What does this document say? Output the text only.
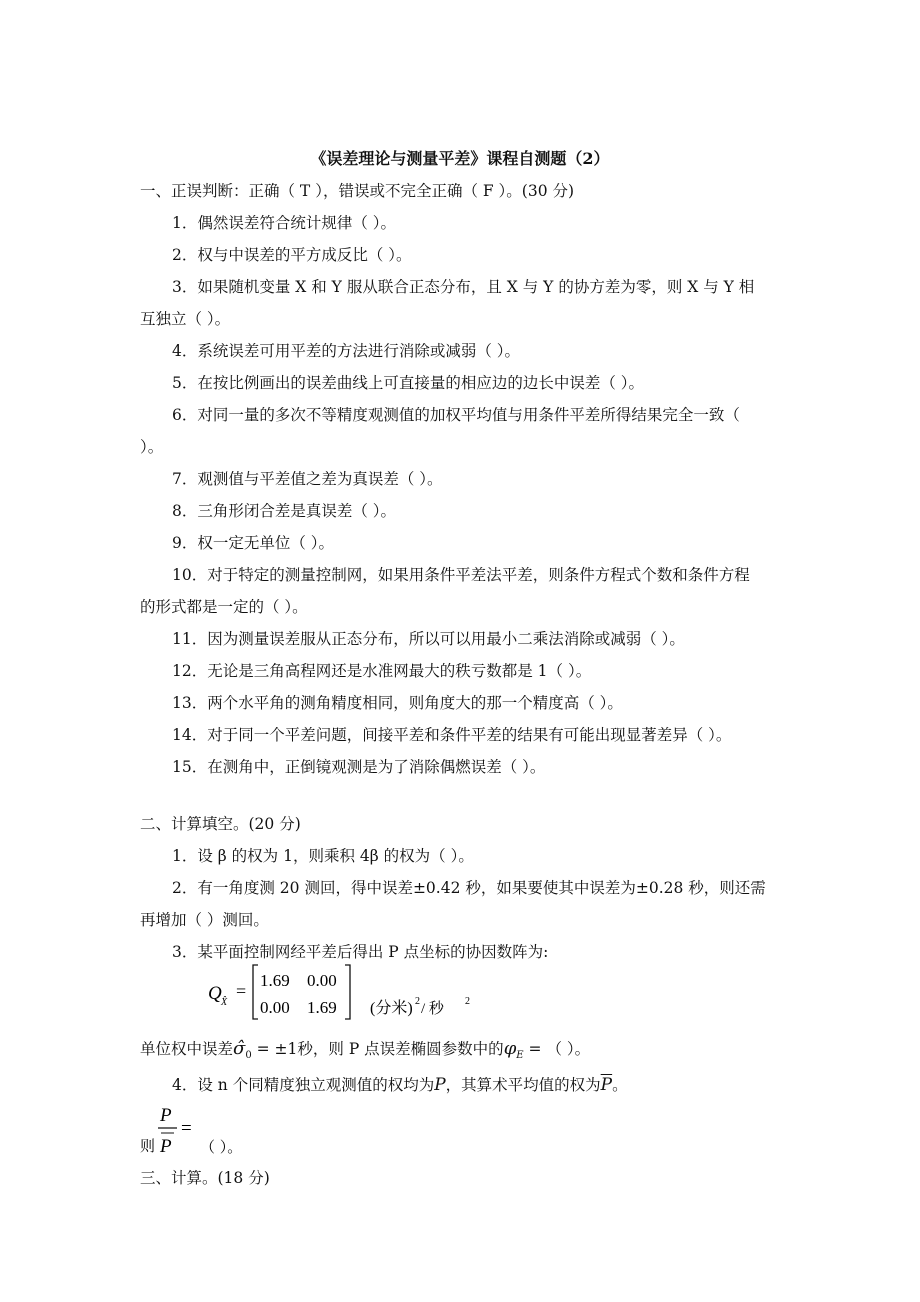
《误差理论与测量平差》课程自测题（2）
一、正误判断：正确（ T ），错误或不完全正确（ F ）。(30 分)
1．偶然误差符合统计规律（ ）。
2．权与中误差的平方成反比（ ）。
3．如果随机变量 X 和 Y 服从联合正态分布，且 X 与 Y 的协方差为零，则 X 与 Y 相
互独立（ ）。
4．系统误差可用平差的方法进行消除或减弱（ ）。
5．在按比例画出的误差曲线上可直接量的相应边的边长中误差（ ）。
6．对同一量的多次不等精度观测值的加权平均值与用条件平差所得结果完全一致（
）。
7．观测值与平差值之差为真误差（ ）。
8．三角形闭合差是真误差（ ）。
9．权一定无单位（ ）。
10．对于特定的测量控制网，如果用条件平差法平差，则条件方程式个数和条件方程
的形式都是一定的（ ）。
11．因为测量误差服从正态分布，所以可以用最小二乘法消除或减弱（ ）。
12．无论是三角高程网还是水准网最大的秩亏数都是 1（ ）。
13．两个水平角的测角精度相同，则角度大的那一个精度高（ ）。
14．对于同一个平差问题，间接平差和条件平差的结果有可能出现显著差异（ ）。
15．在测角中，正倒镜观测是为了消除偶燃误差（ ）。
二、计算填空。(20 分)
1．设 β 的权为 1，则乘积 4β 的权为（ ）。
2．有一角度测 20 测回，得中误差±0.42 秒，如果要使其中误差为±0.28 秒，则还需
再增加（ ）测回。
3．某平面控制网经平差后得出 P 点坐标的协因数阵为:
Q X̂
=
1.69 0.00
0.00 1.69 (分米) 2 / 秒 2
单位权中误差$\sigmâ_0 = \pm 1$秒，则 P 点误差椭圆参数中的$\varphi_E$ = （ ）。
4．设 n 个同精度独立观测值的权均为P，其算术平均值的权为$\overline{P}$。
则
P
P
=
（ ）。
三、计算。(18 分)
